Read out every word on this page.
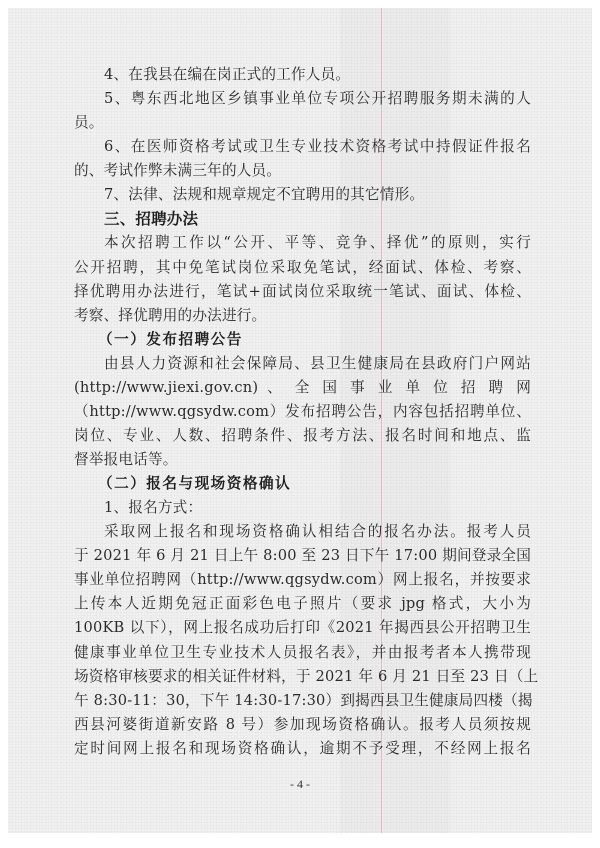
4、在我县在编在岗正式的工作人员。
5、粤东西北地区乡镇事业单位专项公开招聘服务期未满的人
员。
6、在医师资格考试或卫生专业技术资格考试中持假证件报名
的、考试作弊未满三年的人员。
7、法律、法规和规章规定不宜聘用的其它情形。
三、招聘办法
本次招聘工作以“公开、平等、竞争、择优”的原则，实行
公开招聘，其中免笔试岗位采取免笔试，经面试、体检、考察、
择优聘用办法进行，笔试+面试岗位采取统一笔试、面试、体检、
考察、择优聘用的办法进行。
（一）发布招聘公告
由县人力资源和社会保障局、县卫生健康局在县政府门户网站
(http://www.jiexi.gov.cn) 、 全 国 事 业 单 位 招 聘 网
（http://www.qgsydw.com）发布招聘公告，内容包括招聘单位、
岗位、专业、人数、招聘条件、报考方法、报名时间和地点、监
督举报电话等。
（二）报名与现场资格确认
1、报名方式：
采取网上报名和现场资格确认相结合的报名办法。报考人员
于 2021 年 6 月 21 日上午 8:00 至 23 日下午 17:00 期间登录全国
事业单位招聘网（http://www.qgsydw.com）网上报名，并按要求
上传本人近期免冠正面彩色电子照片（要求 jpg 格式，大小为
100KB 以下），网上报名成功后打印《2021 年揭西县公开招聘卫生
健康事业单位卫生专业技术人员报名表》，并由报考者本人携带现
场资格审核要求的相关证件材料，于 2021 年 6 月 21 日至 23 日（上
午 8:30-11：30，下午 14:30-17:30）到揭西县卫生健康局四楼（揭
西县河婆街道新安路 8 号）参加现场资格确认。报考人员须按规
定时间网上报名和现场资格确认，逾期不予受理，不经网上报名
- 4 -
